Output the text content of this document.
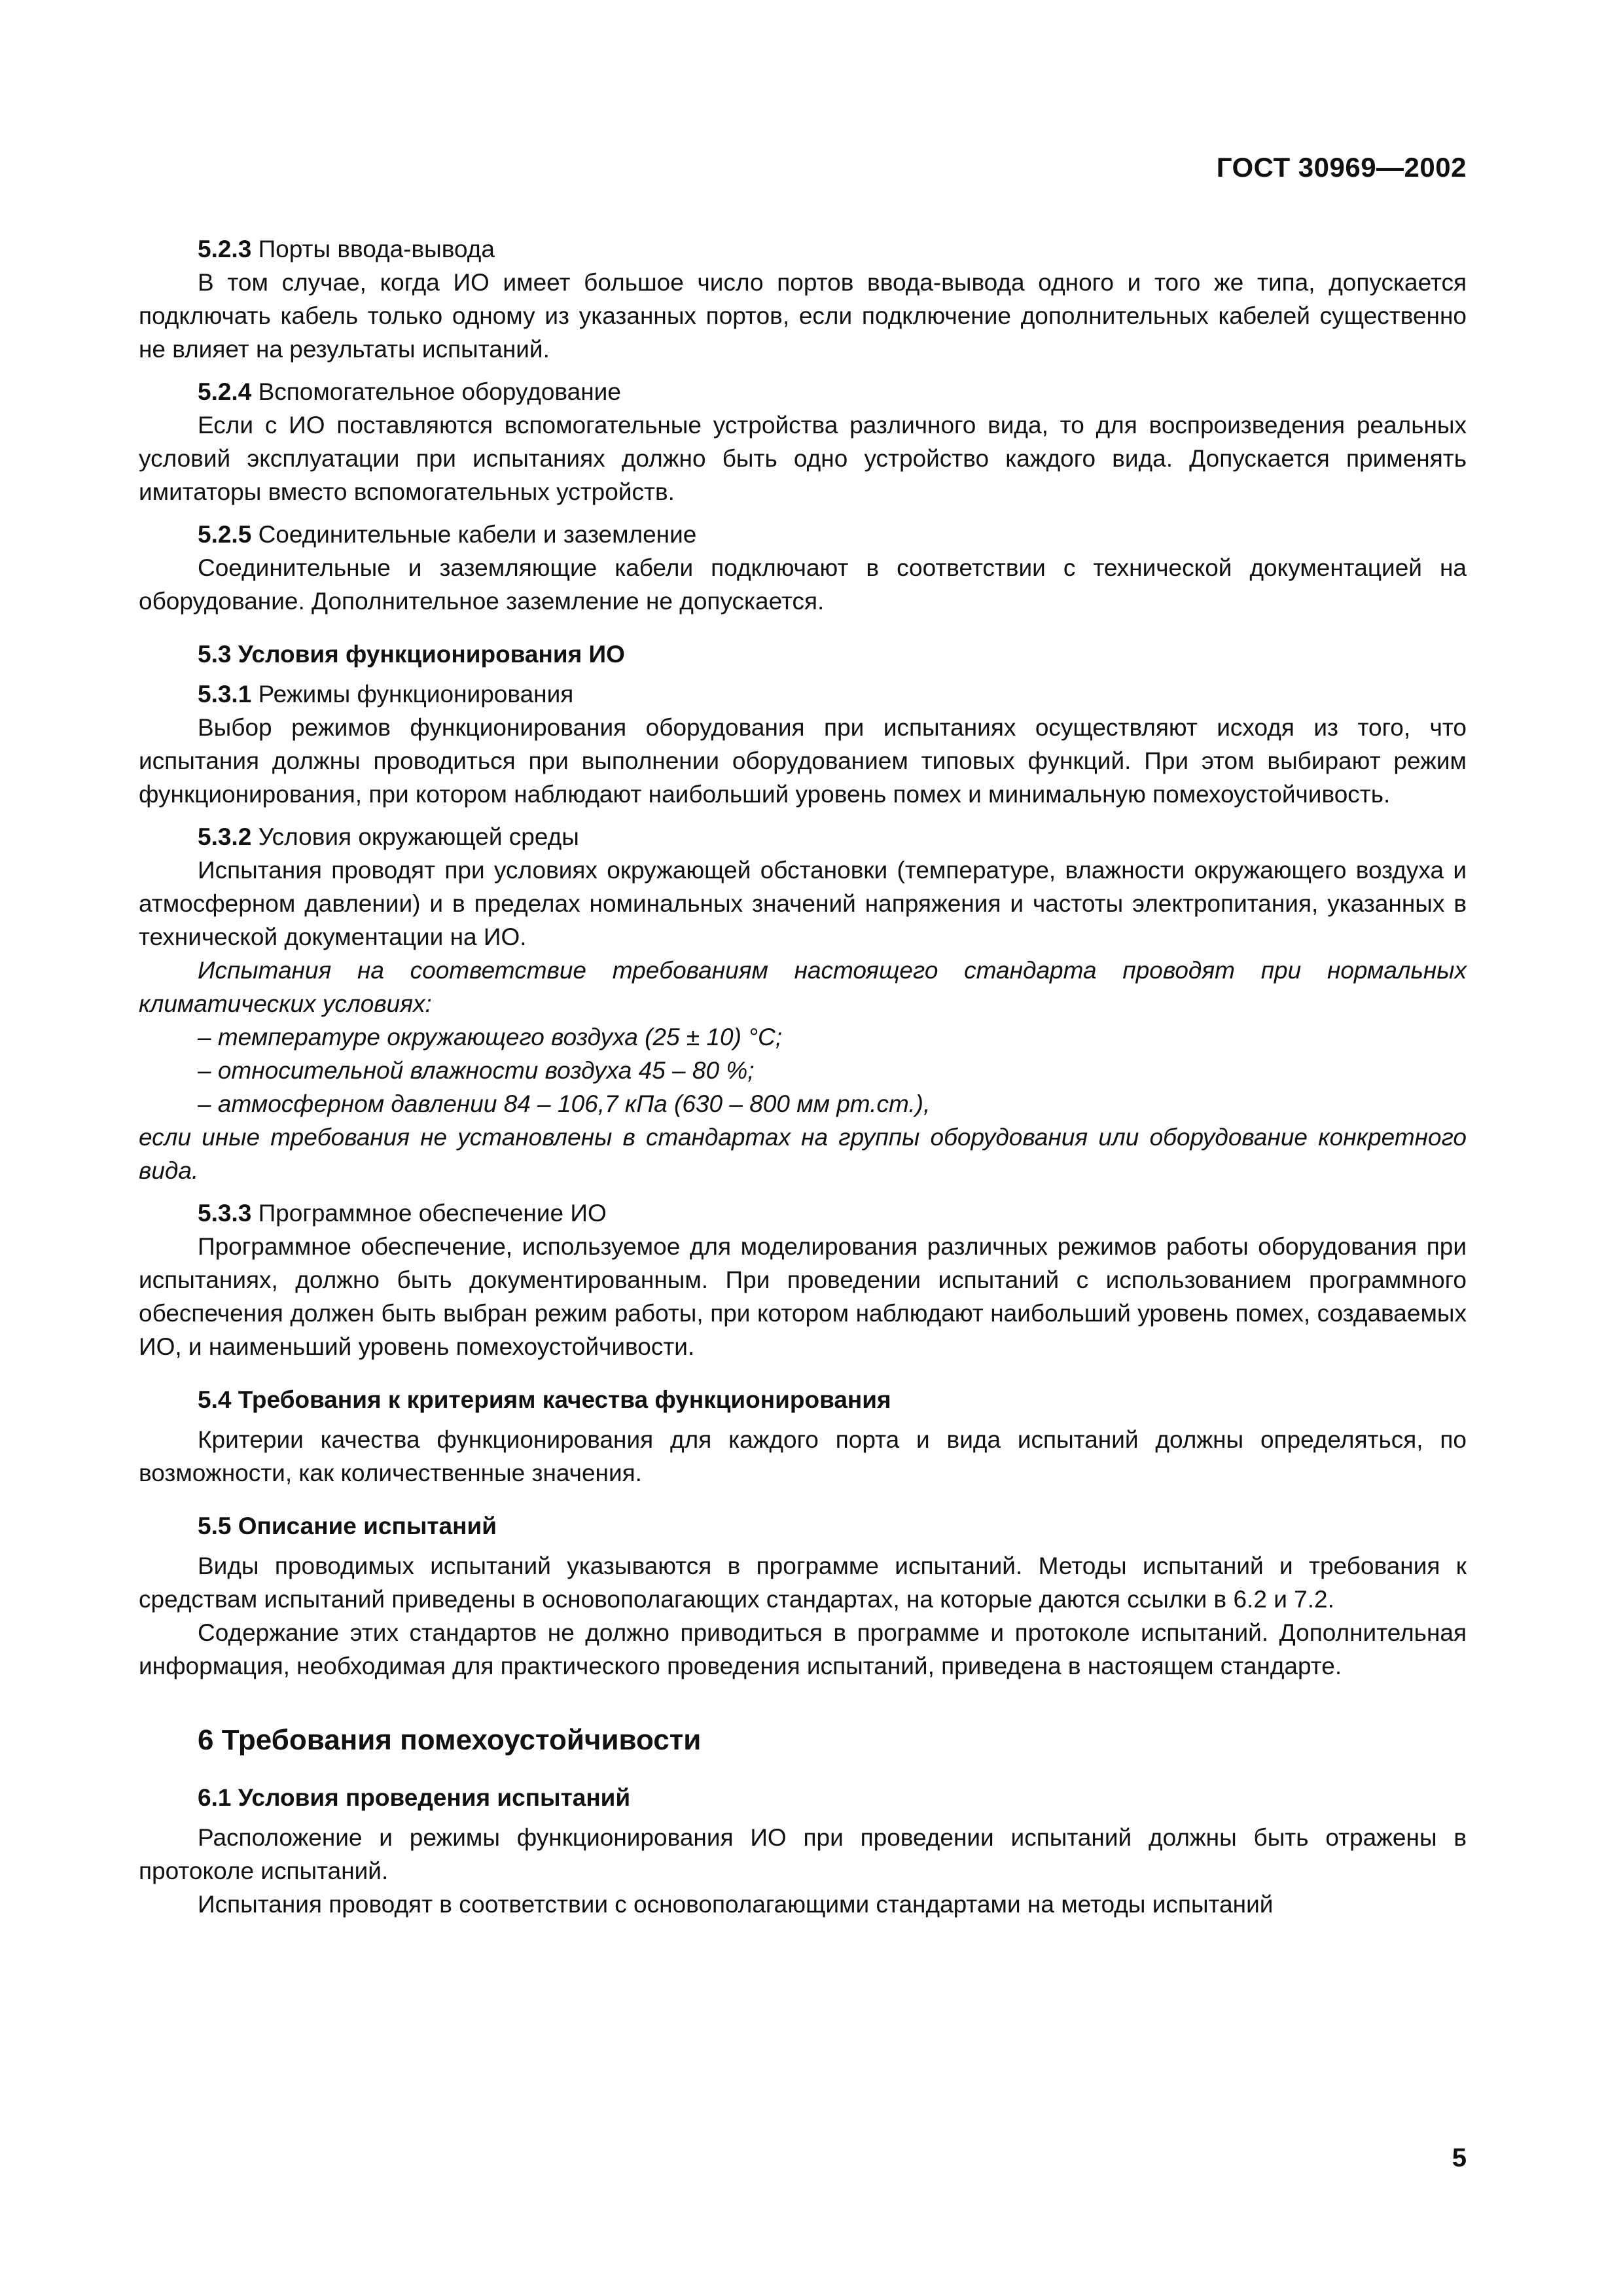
ГОСТ 30969—2002

5.2.3 Порты ввода-вывода

В том случае, когда ИО имеет большое число портов ввода-вывода одного и того же типа, допускается подключать кабель только одному из указанных портов, если подключение дополнительных кабелей существенно не влияет на результаты испытаний.

5.2.4 Вспомогательное оборудование

Если с ИО поставляются вспомогательные устройства различного вида, то для воспроизведения реальных условий эксплуатации при испытаниях должно быть одно устройство каждого вида. Допускается применять имитаторы вместо вспомогательных устройств.

5.2.5 Соединительные кабели и заземление

Соединительные и заземляющие кабели подключают в соответствии с технической документацией на оборудование. Дополнительное заземление не допускается.

5.3 Условия функционирования ИО

5.3.1 Режимы функционирования

Выбор режимов функционирования оборудования при испытаниях осуществляют исходя из того, что испытания должны проводиться при выполнении оборудованием типовых функций. При этом выбирают режим функционирования, при котором наблюдают наибольший уровень помех и минимальную помехоустойчивость.

5.3.2 Условия окружающей среды

Испытания проводят при условиях окружающей обстановки (температуре, влажности окружающего воздуха и атмосферном давлении) и в пределах номинальных значений напряжения и частоты электропитания, указанных в технической документации на ИО.

Испытания на соответствие требованиям настоящего стандарта проводят при нормальных климатических условиях:

– температуре окружающего воздуха (25 ± 10) °С;

– относительной влажности воздуха 45 – 80 %;

– атмосферном давлении 84 – 106,7 кПа (630 – 800 мм рт.ст.),

если иные требования не установлены в стандартах на группы оборудования или оборудование конкретного вида.

5.3.3 Программное обеспечение ИО

Программное обеспечение, используемое для моделирования различных режимов работы оборудования при испытаниях, должно быть документированным. При проведении испытаний с использованием программного обеспечения должен быть выбран режим работы, при котором наблюдают наибольший уровень помех, создаваемых ИО, и наименьший уровень помехоустойчивости.

5.4 Требования к критериям качества функционирования

Критерии качества функционирования для каждого порта и вида испытаний должны определяться, по возможности, как количественные значения.

5.5 Описание испытаний

Виды проводимых испытаний указываются в программе испытаний. Методы испытаний и требования к средствам испытаний приведены в основополагающих стандартах, на которые даются ссылки в 6.2 и 7.2.

Содержание этих стандартов не должно приводиться в программе и протоколе испытаний. Дополнительная информация, необходимая для практического проведения испытаний, приведена в настоящем стандарте.

6 Требования помехоустойчивости

6.1 Условия проведения испытаний

Расположение и режимы функционирования ИО при проведении испытаний должны быть отражены в протоколе испытаний.

Испытания проводят в соответствии с основополагающими стандартами на методы испытаний

5
